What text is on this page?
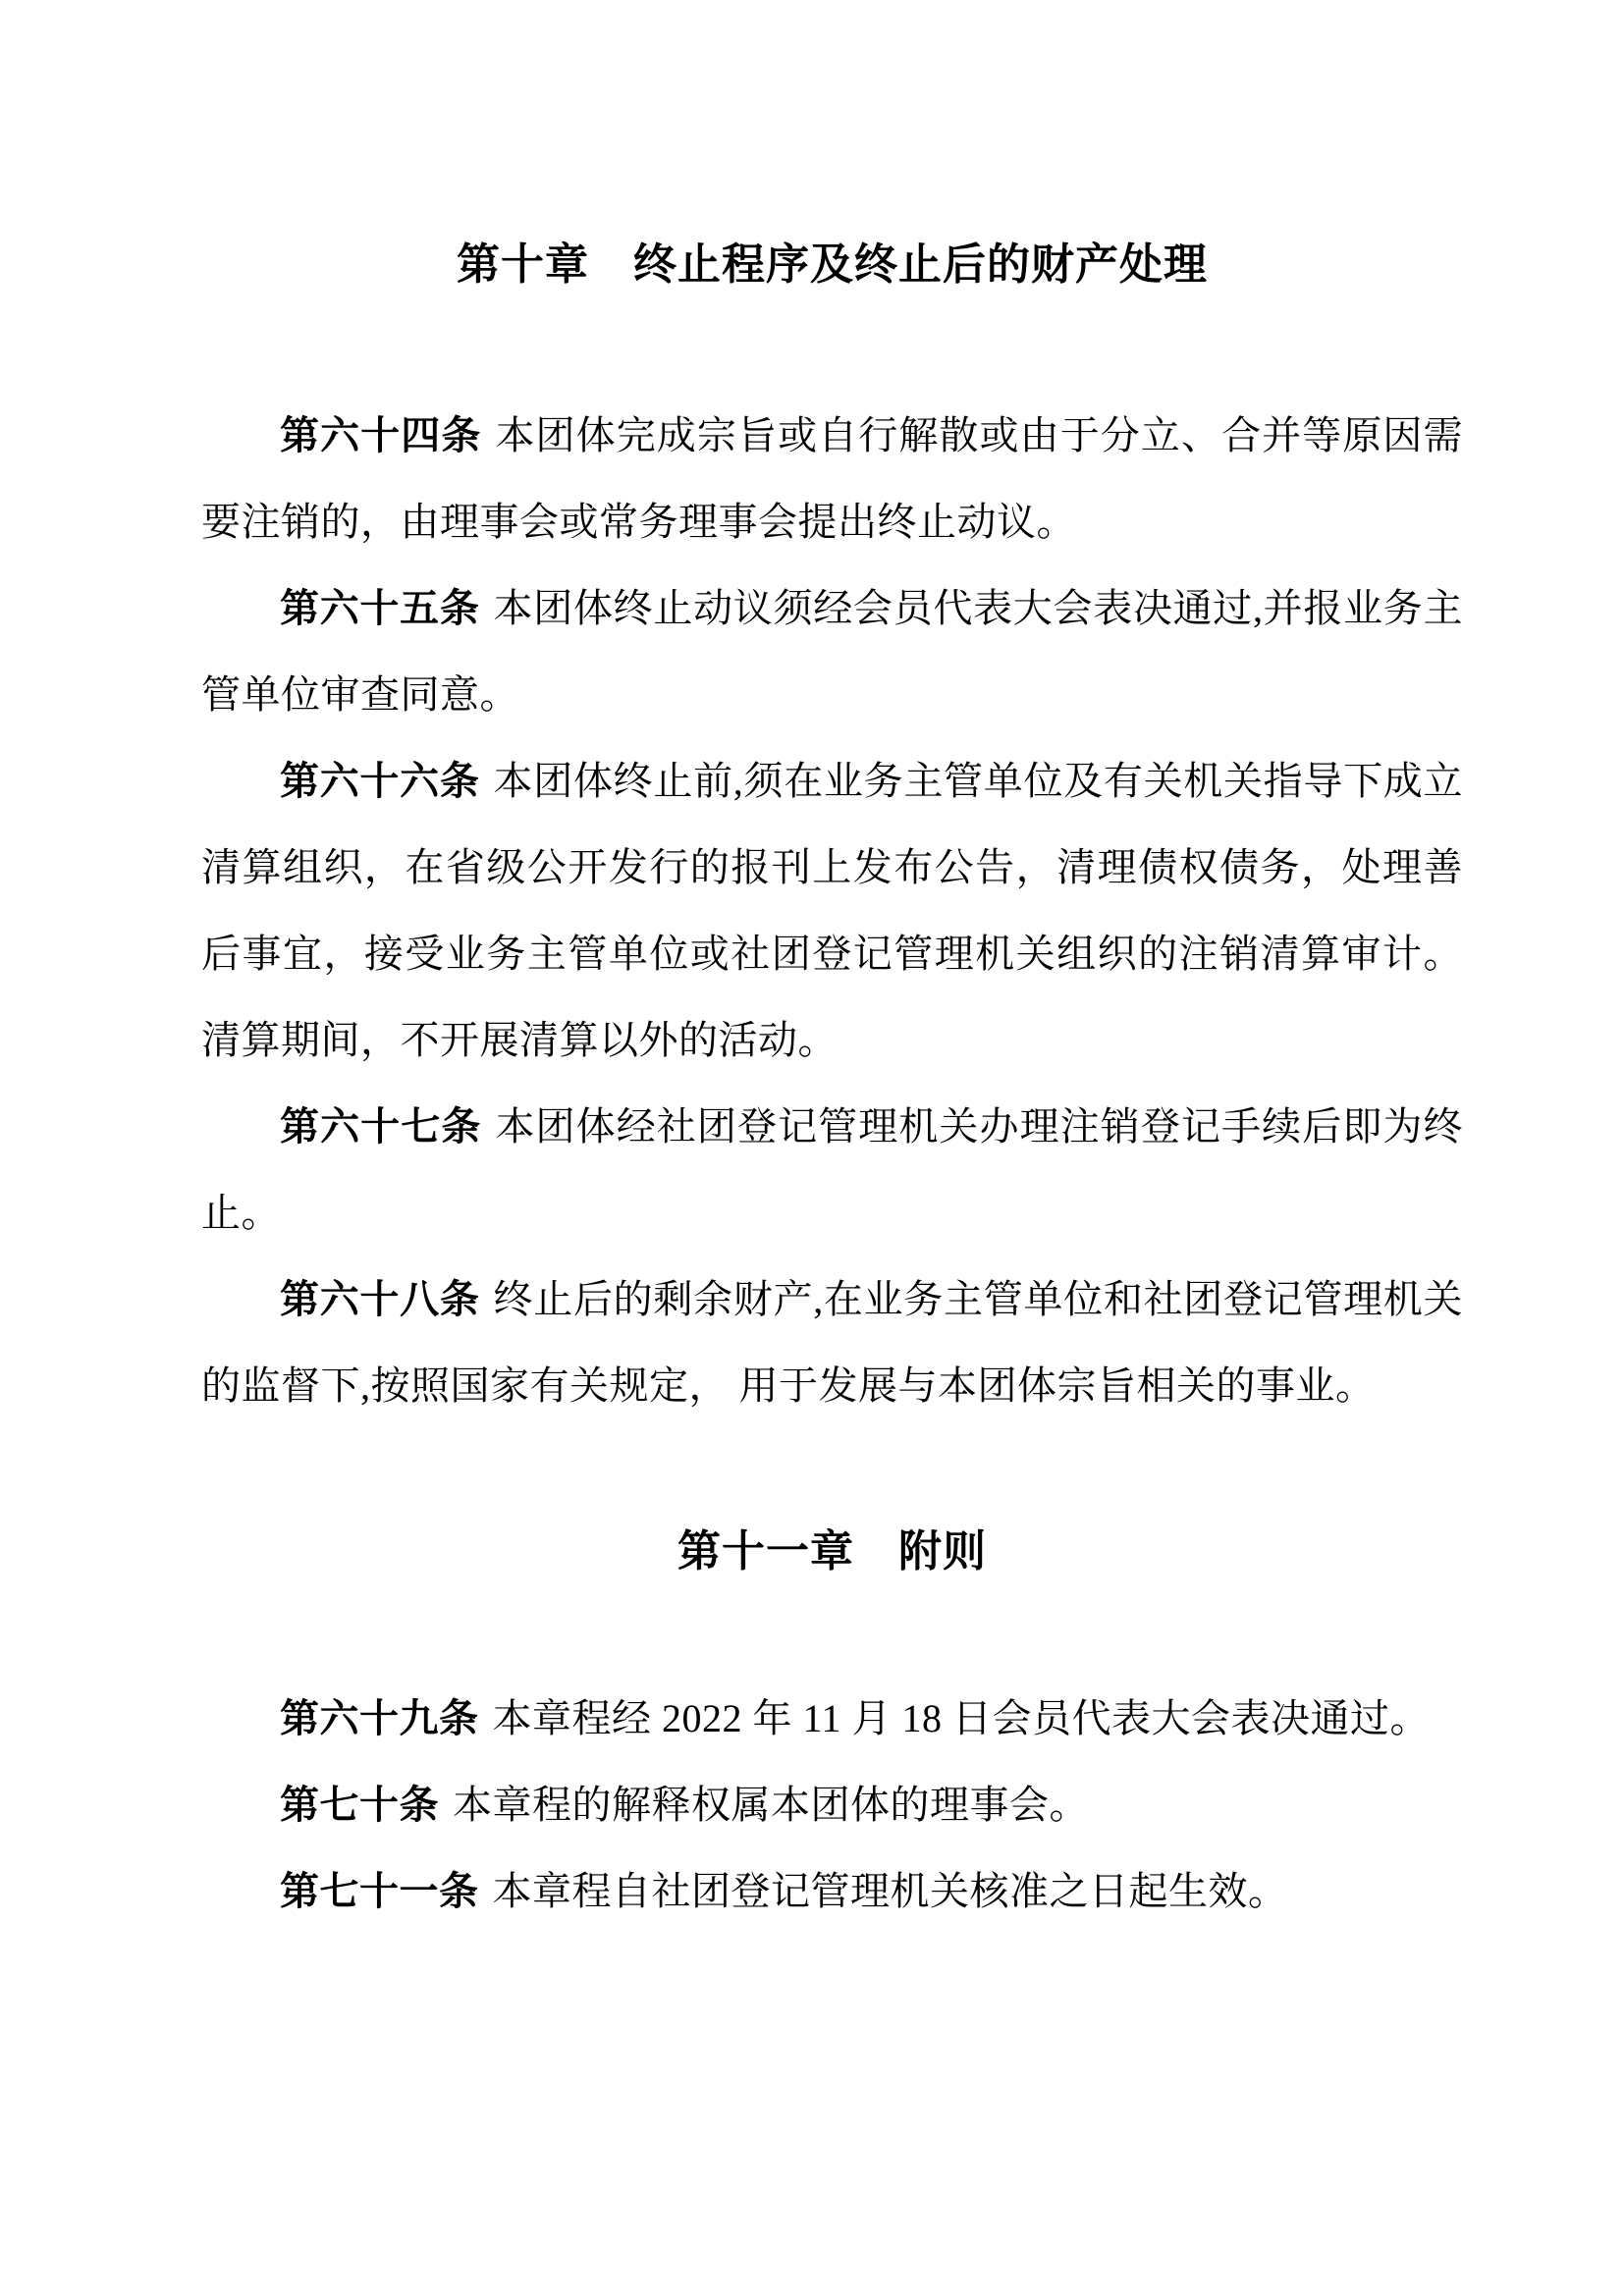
第十章　终止程序及终止后的财产处理

第六十四条 本团体完成宗旨或自行解散或由于分立、合并等原因需要注销的，由理事会或常务理事会提出终止动议。

第六十五条 本团体终止动议须经会员代表大会表决通过,并报业务主管单位审查同意。

第六十六条 本团体终止前,须在业务主管单位及有关机关指导下成立清算组织，在省级公开发行的报刊上发布公告，清理债权债务，处理善后事宜，接受业务主管单位或社团登记管理机关组织的注销清算审计。清算期间，不开展清算以外的活动。

第六十七条 本团体经社团登记管理机关办理注销登记手续后即为终止。

第六十八条 终止后的剩余财产,在业务主管单位和社团登记管理机关的监督下,按照国家有关规定， 用于发展与本团体宗旨相关的事业。

第十一章　附则

第六十九条 本章程经 2022 年 11 月 18 日会员代表大会表决通过。

第七十条 本章程的解释权属本团体的理事会。

第七十一条 本章程自社团登记管理机关核准之日起生效。
